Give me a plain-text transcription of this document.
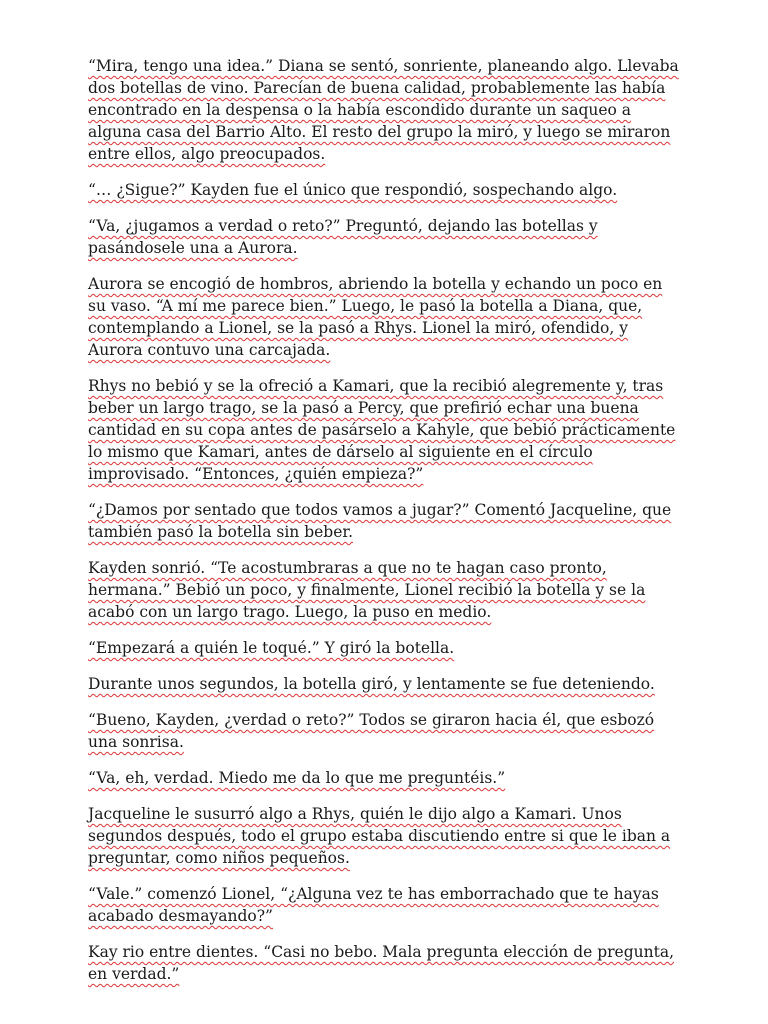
“Mira, tengo una idea.” Diana se sentó, sonriente, planeando algo. Llevaba dos botellas de vino. Parecían de buena calidad, probablemente las había encontrado en la despensa o la había escondido durante un saqueo a alguna casa del Barrio Alto. El resto del grupo la miró, y luego se miraron entre ellos, algo preocupados.

“… ¿Sigue?” Kayden fue el único que respondió, sospechando algo.

“Va, ¿jugamos a verdad o reto?” Preguntó, dejando las botellas y pasándosele una a Aurora.

Aurora se encogió de hombros, abriendo la botella y echando un poco en su vaso. “A mí me parece bien.” Luego, le pasó la botella a Diana, que, contemplando a Lionel, se la pasó a Rhys. Lionel la miró, ofendido, y Aurora contuvo una carcajada.

Rhys no bebió y se la ofreció a Kamari, que la recibió alegremente y, tras beber un largo trago, se la pasó a Percy, que prefirió echar una buena cantidad en su copa antes de pasárselo a Kahyle, que bebió prácticamente lo mismo que Kamari, antes de dárselo al siguiente en el círculo improvisado. “Entonces, ¿quién empieza?”

“¿Damos por sentado que todos vamos a jugar?” Comentó Jacqueline, que también pasó la botella sin beber.

Kayden sonrió. “Te acostumbraras a que no te hagan caso pronto, hermana.” Bebió un poco, y finalmente, Lionel recibió la botella y se la acabó con un largo trago. Luego, la puso en medio.

“Empezará a quién le toqué.” Y giró la botella.

Durante unos segundos, la botella giró, y lentamente se fue deteniendo.

“Bueno, Kayden, ¿verdad o reto?” Todos se giraron hacia él, que esbozó una sonrisa.

“Va, eh, verdad. Miedo me da lo que me preguntéis.”

Jacqueline le susurró algo a Rhys, quién le dijo algo a Kamari. Unos segundos después, todo el grupo estaba discutiendo entre si que le iban a preguntar, como niños pequeños.

“Vale.” comenzó Lionel, “¿Alguna vez te has emborrachado que te hayas acabado desmayando?”

Kay rio entre dientes. “Casi no bebo. Mala pregunta elección de pregunta, en verdad.”
